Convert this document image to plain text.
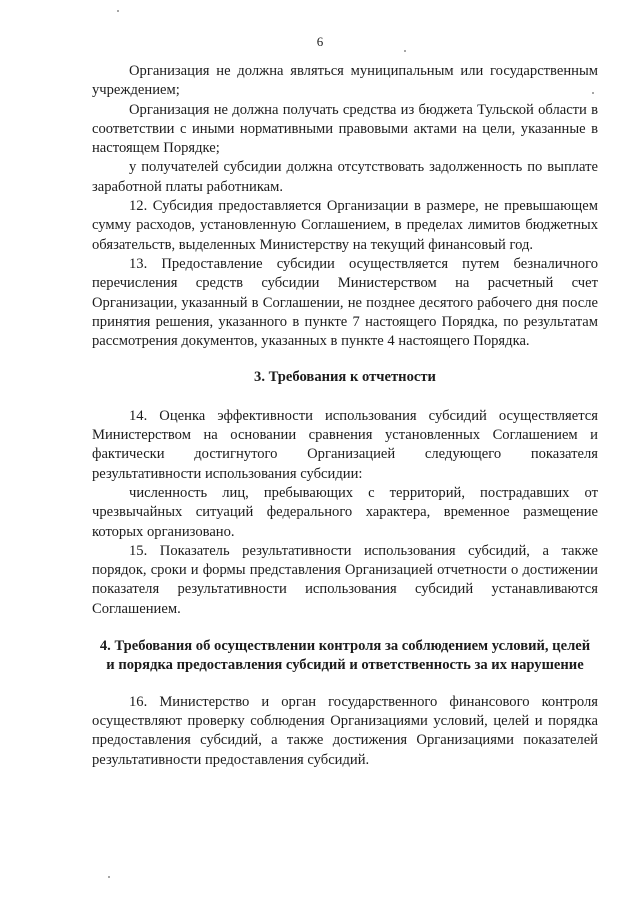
6

Организация не должна являться муниципальным или государственным учреждением;

Организация не должна получать средства из бюджета Тульской области в соответствии с иными нормативными правовыми актами на цели, указанные в настоящем Порядке;

у получателей субсидии должна отсутствовать задолженность по выплате заработной платы работникам.

12. Субсидия предоставляется Организации в размере, не превышающем сумму расходов, установленную Соглашением, в пределах лимитов бюджетных обязательств, выделенных Министерству на текущий финансовый год.

13. Предоставление субсидии осуществляется путем безналичного перечисления средств субсидии Министерством на расчетный счет Организации, указанный в Соглашении, не позднее десятого рабочего дня после принятия решения, указанного в пункте 7 настоящего Порядка, по результатам рассмотрения документов, указанных в пункте 4 настоящего Порядка.

3. Требования к отчетности

14. Оценка эффективности использования субсидий осуществляется Министерством на основании сравнения установленных Соглашением и фактически достигнутого Организацией следующего показателя результативности использования субсидии:

численность лиц, пребывающих с территорий, пострадавших от чрезвычайных ситуаций федерального характера, временное размещение которых организовано.

15. Показатель результативности использования субсидий, а также порядок, сроки и формы представления Организацией отчетности о достижении показателя результативности использования субсидий устанавливаются Соглашением.

4. Требования об осуществлении контроля за соблюдением условий, целей и порядка предоставления субсидий и ответственность за их нарушение

16. Министерство и орган государственного финансового контроля осуществляют проверку соблюдения Организациями условий, целей и порядка предоставления субсидий, а также достижения Организациями показателей результативности предоставления субсидий.
